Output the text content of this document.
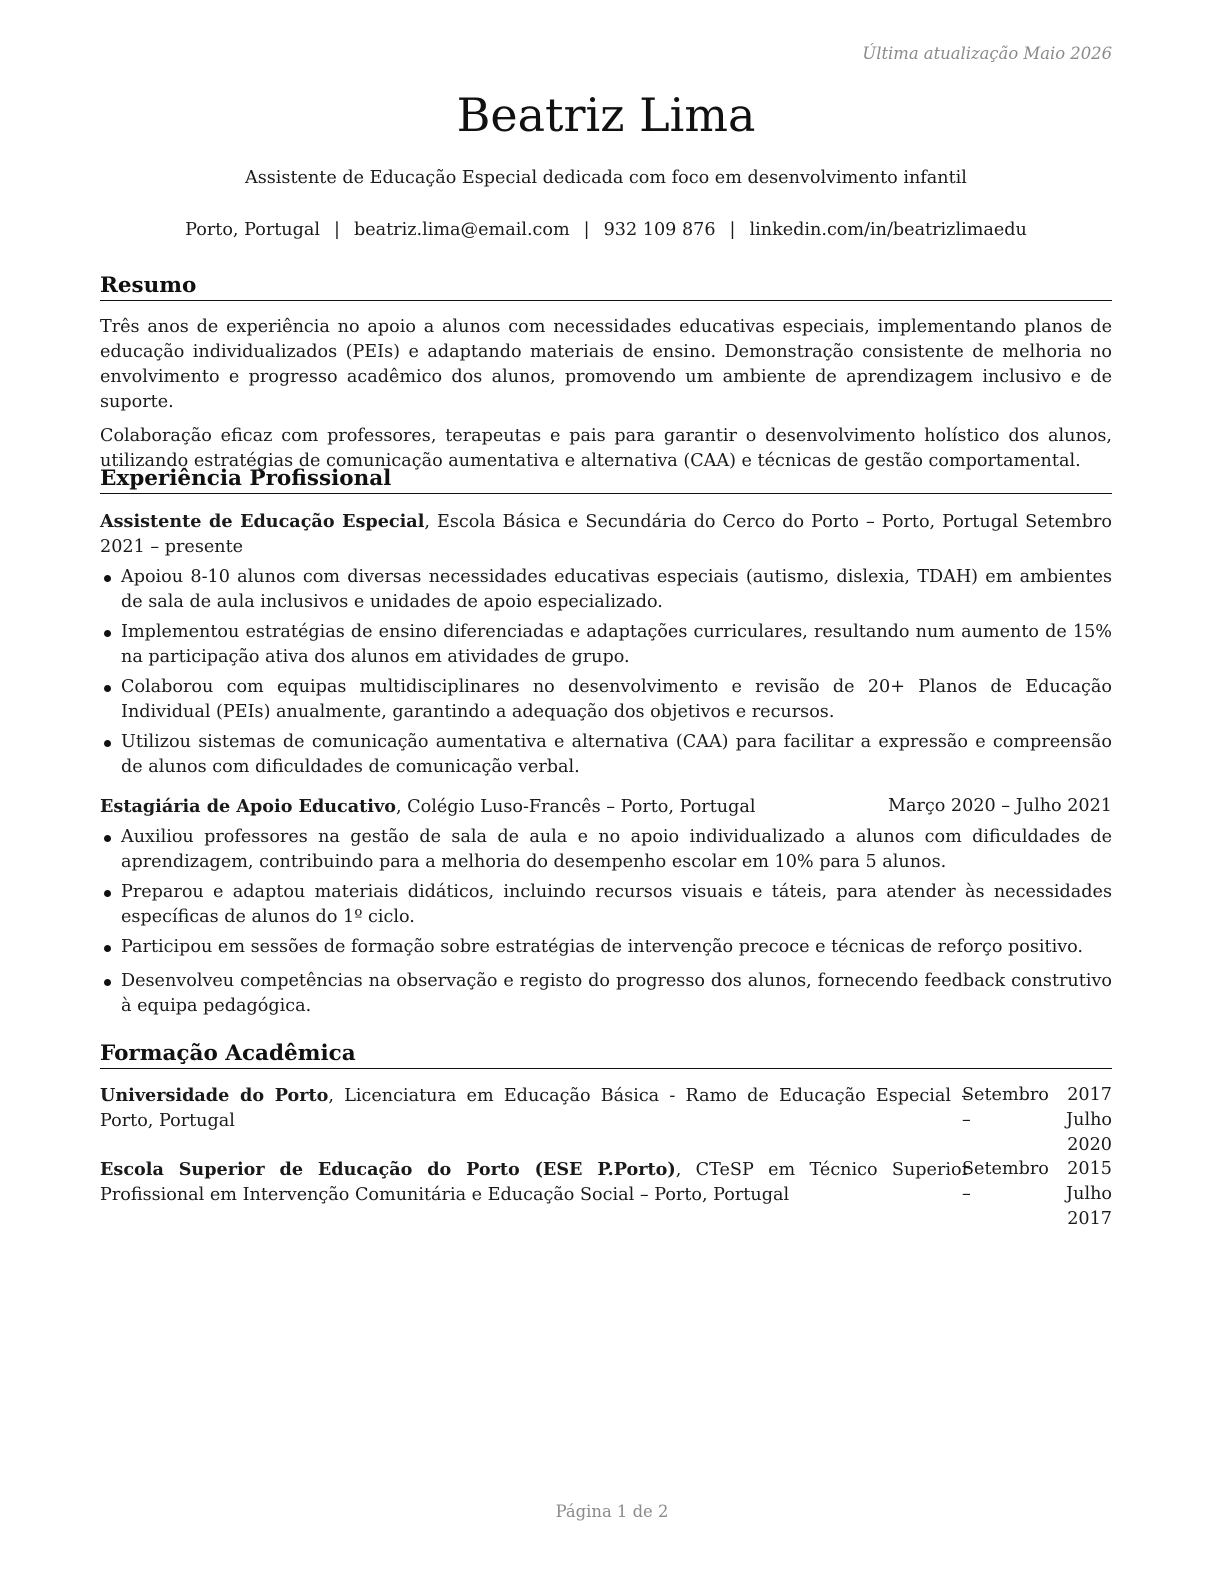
Última atualização Maio 2026
Beatriz Lima
Assistente de Educação Especial dedicada com foco em desenvolvimento infantil
Porto, Portugal | beatriz.lima@email.com | 932 109 876 | linkedin.com/in/beatrizlimaedu
Resumo

Três anos de experiência no apoio a alunos com necessidades educativas especiais, implementando planos de educação individualizados (PEIs) e adaptando materiais de ensino. Demonstração consistente de melhoria no envolvimento e progresso acadêmico dos alunos, promovendo um ambiente de aprendizagem inclusivo e de suporte.

Colaboração eficaz com professores, terapeutas e pais para garantir o desenvolvimento holístico dos alunos, utilizando estratégias de comunicação aumentativa e alternativa (CAA) e técnicas de gestão comportamental.

Experiência Profissional
Assistente de Educação Especial, Escola Básica e Secundária do Cerco do Porto – Porto, Portugal Setembro 2021 – presente
Apoiou 8-10 alunos com diversas necessidades educativas especiais (autismo, dislexia, TDAH) em ambientes de sala de aula inclusivos e unidades de apoio especializado.
Implementou estratégias de ensino diferenciadas e adaptações curriculares, resultando num aumento de 15% na participação ativa dos alunos em atividades de grupo.
Colaborou com equipas multidisciplinares no desenvolvimento e revisão de 20+ Planos de Educação Individual (PEIs) anualmente, garantindo a adequação dos objetivos e recursos.
Utilizou sistemas de comunicação aumentativa e alternativa (CAA) para facilitar a expressão e compreensão de alunos com dificuldades de comunicação verbal.
Estagiária de Apoio Educativo, Colégio Luso-Francês – Porto, Portugal	Março 2020 – Julho 2021
Auxiliou professores na gestão de sala de aula e no apoio individualizado a alunos com dificuldades de aprendizagem, contribuindo para a melhoria do desempenho escolar em 10% para 5 alunos.
Preparou e adaptou materiais didáticos, incluindo recursos visuais e táteis, para atender às necessidades específicas de alunos do 1º ciclo.
Participou em sessões de formação sobre estratégias de intervenção precoce e técnicas de reforço positivo.
Desenvolveu competências na observação e registo do progresso dos alunos, fornecendo feedback construtivo à equipa pedagógica.
Formação Acadêmica
Universidade do Porto, Licenciatura em Educação Básica - Ramo de Educação Especial – Porto, Portugal
Setembro 2017 – Julho
2020
Escola Superior de Educação do Porto (ESE P.Porto), CTeSP em Técnico Superior Profissional em Intervenção Comunitária e Educação Social – Porto, Portugal
Setembro 2015 – Julho
2017
Página 1 de 2
